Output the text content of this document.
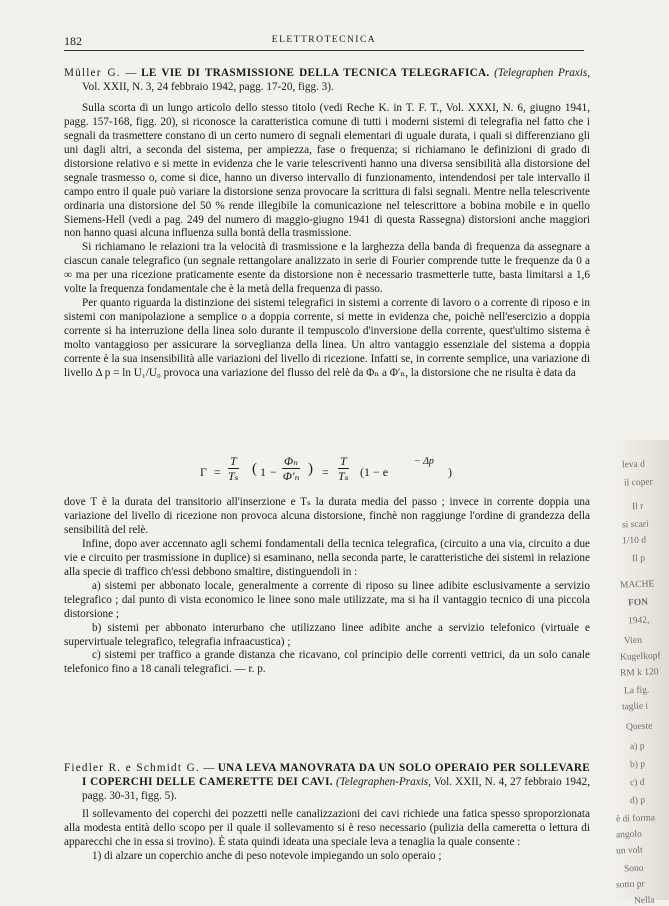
182	ELETTROTECNICA

Müller G. — LE VIE DI TRASMISSIONE DELLA TECNICA TELEGRAFICA. (Telegraphen Praxis, Vol. XXII, N. 3, 24 febbraio 1942, pagg. 17-20, figg. 3).

Sulla scorta di un lungo articolo dello stesso titolo (vedi Reche K. in T. F. T., Vol. XXXI, N. 6, giugno 1941, pagg. 157-168, figg. 20), si riconosce la caratteristica comune di tutti i moderni sistemi di telegrafia nel fatto che i segnali da trasmettere constano di un certo numero di segnali elementari di uguale durata, i quali si differenziano gli uni dagli altri, a seconda del sistema, per ampiezza, fase o frequenza; si richiamano le definizioni di grado di distorsione relativo e si mette in evidenza che le varie telescriventi hanno una diversa sensibilità alla distorsione del segnale trasmesso o, come si dice, hanno un diverso intervallo di funzionamento, intendendosi per tale intervallo il campo entro il quale può variare la distorsione senza provocare la scrittura di falsi segnali. Mentre nella telescrivente ordinaria una distorsione del 50 % rende illegibile la comunicazione nel telescrittore a bobina mobile e in quello Siemens-Hell (vedi a pag. 249 del numero di maggio-giugno 1941 di questa Rassegna) distorsioni anche maggiori non hanno quasi alcuna influenza sulla bontà della trasmissione.

Si richiamano le relazioni tra la velocità di trasmissione e la larghezza della banda di frequenza da assegnare a ciascun canale telegrafico (un segnale rettangolare analizzato in serie di Fourier comprende tutte le frequenze da 0 a ∞ ma per una ricezione praticamente esente da distorsione non è necessario trasmetterle tutte, basta limitarsi a 1,6 volte la frequenza fondamentale che è la metà della frequenza di passo.

Per quanto riguarda la distinzione dei sistemi telegrafici in sistemi a corrente di lavoro o a corrente di riposo e in sistemi con manipolazione a semplice o a doppia corrente, si mette in evidenza che, poichè nell'esercizio a doppia corrente si ha interruzione della linea solo durante il tempuscolo d'inversione della corrente, quest'ultimo sistema è molto vantaggioso per assicurare la sorveglianza della linea. Un altro vantaggio essenziale del sistema a doppia corrente è la sua insensibilità alle variazioni del livello di ricezione. Infatti se, in corrente semplice, una variazione di livello Δ p = ln U₁/U₀ provoca una variazione del flusso del relè da Φₙ a Φ′ₙ, la distorsione che ne risulta è data da

$\Gamma = \frac{T}{\text{Tₛ}}$ ( $1 - \frac{\text{Φₙ}}{\text{Φ′ₙ}}$ ) = $\frac{T}{\text{Tₛ}} (1 - e$
− Δp
)

dove T è la durata del transitorio all'inserzione e Tₛ la durata media del passo ; invece in corrente doppia una variazione del livello di ricezione non provoca alcuna distorsione, finchè non raggiunge l'ordine di grandezza della sensibilità del relè.

Infine, dopo aver accennato agli schemi fondamentali della tecnica telegrafica, (circuito a una via, circuito a due vie e circuito per trasmissione in duplice) si esaminano, nella seconda parte, le caratteristiche dei sistemi in relazione alla specie di traffico ch'essi debbono smaltire, distinguendoli in :

a) sistemi per abbonato locale, generalmente a corrente di riposo su linee adibite esclusivamente a servizio telegrafico ; dal punto di vista economico le linee sono male utilizzate, ma si ha il vantaggio tecnico di una piccola distorsione ;

b) sistemi per abbonato interurbano che utilizzano linee adibite anche a servizio telefonico (virtuale e supervirtuale telegrafico, telegrafia infraacustica) ;

c) sistemi per traffico a grande distanza che ricavano, col principio delle correnti vettrici, da un solo canale telefonico fino a 18 canali telegrafici. — r. p.

Fiedler R. e Schmidt G. — UNA LEVA MANOVRATA DA UN SOLO OPERAIO PER SOLLEVARE I COPERCHI DELLE CAMERETTE DEI CAVI. (Telegraphen-Praxis, Vol. XXII, N. 4, 27 febbraio 1942, pagg. 30-31, figg. 5).

Il sollevamento dei coperchi dei pozzetti nelle canalizzazioni dei cavi richiede una fatica spesso sproporzionata alla modesta entità dello scopo per il quale il sollevamento si è reso necessario (pulizia della cameretta o lettura di apparecchi che in essa si trovino). È stata quindi ideata una speciale leva a tenaglia la quale consente :

1) di alzare un coperchio anche di peso notevole impiegando un solo operaio ;

leva d
il coper
Il r
si scari
1/10 d
Il p
MACHE
FON
1942,
Vien
Kugelkopf
RM k 120
La fig.
taglie i
Queste
a) p
b) p
c) d
d) p
è di forma
angolo
un volt
Sono
sotto pr
Nella
